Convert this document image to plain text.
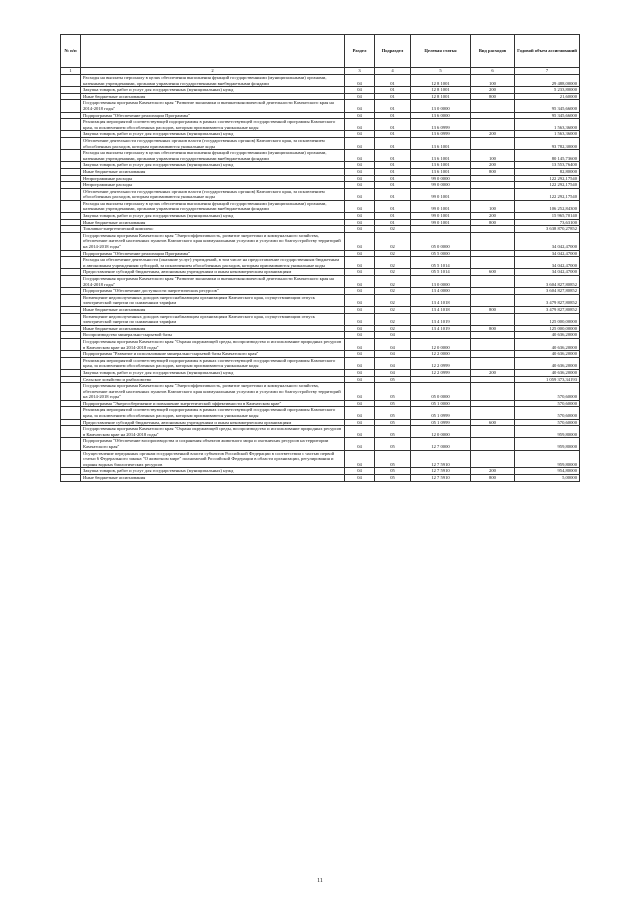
№ п/п		Раздел	Подраздел	Целевая статья	Вид расходов	Годовой объем ассигнований
1	2	3	4	5	6	7
	Расходы на выплаты персоналу в целях обеспечения выполнения функций государственными (муниципальными) органами, казенными учреждениями, органами управления государственными внебюджетными фондами	04	01	12 8 1001	100	29 488,00000
	Закупка товаров, работ и услуг для государственных (муниципальных) нужд	04	01	12 8 1001	200	5 233,80000
	Иные бюджетные ассигнования	04	01	12 8 1001	800	21,60000
	Государственная программа Камчатского края "Развитие экономики и внешнеэкономической деятельности Камчатского края на 2014-2018 годы"	04	01	13 0 0000		95 345,66000
	Подпрограмма "Обеспечение реализации Программы"	04	01	13 6 0000		95 345,66000
	Реализация мероприятий соответствующей подпрограммы в рамках соответствующей государственной программы Камчатского края, за исключением обособленных расходов, которым присваиваются уникальные коды	04	01	13 6 0999		1 563,36000
	Закупка товаров, работ и услуг для государственных (муниципальных) нужд	04	01	13 6 0999	200	1 563,36000
	Обеспечение деятельности государственных органов власти (государственных органов) Камчатского края, за исключением обособленных расходов, которым присваиваются уникальные коды	04	01	13 6 1001		93 782,30000
	Расходы на выплаты персоналу в целях обеспечения выполнения функций государственными (муниципальными) органами, казенными учреждениями, органами управления государственными внебюджетными фондами	04	01	13 6 1001	100	80 145,73600
	Закупка товаров, работ и услуг для государственных (муниципальных) нужд	04	01	13 6 1001	200	13 553,76400
	Иные бюджетные ассигнования	04	01	13 6 1001	800	82,80000
	Непрограммные расходы	04	01	99 0 0000		122 292,17540
	Непрограммные расходы	04	01	99 0 0000		122 292,17540
	Обеспечение деятельности государственных органов власти (государственных органов) Камчатского края, за исключением обособленных расходов, которым присваиваются уникальные коды	04	01	99 0 1001		122 292,17540
	Расходы на выплаты персоналу в целях обеспечения выполнения функций государственными (муниципальными) органами, казенными учреждениями, органами управления государственными внебюджетными фондами	04	01	99 0 1001	100	106 252,84300
	Закупка товаров, работ и услуг для государственных (муниципальных) нужд	04	01	99 0 1001	200	15 965,70140
	Иные бюджетные ассигнования	04	01	99 0 1001	800	73,63100
	Топливно-энергетический комплекс	04	02			3 638 870,27852
	Государственная программа Камчатского края "Энергоэффективность, развитие энергетики и коммунального хозяйства, обеспечение жителей населенных пунктов Камчатского края коммунальными услугами и услугами по благоустройству территорий на 2014-2018 годы"	04	02	05 0 0000		34 042,47000
	Подпрограмма "Обеспечение реализации Программы"	04	02	05 5 0000		34 042,47000
	Расходы на обеспечение деятельности (оказание услуг) учреждений, в том числе на предоставление государственным бюджетным и автономным учреждениям субсидий, за исключением обособленных расходов, которым присваиваются уникальные коды	04	02	05 5 1014		34 042,47000
	Предоставление субсидий бюджетным, автономным учреждениям и иным некоммерческим организациям	04	02	05 5 1014	600	34 042,47000
	Государственная программа Камчатского края "Развитие экономики и внешнеэкономической деятельности Камчатского края на 2014-2018 годы"	04	02	13 0 0000		3 604 827,80852
	Подпрограмма "Обеспечение доступности энергетических ресурсов"	04	02	13 4 0000		3 604 827,80852
	Возмещение недополученных доходов энергоснабжающим организациям Камчатского края, осуществляющим отпуск электрической энергии по сниженным тарифам	04	02	13 4 1018		3 479 827,80852
	Иные бюджетные ассигнования	04	02	13 4 1018	800	3 479 827,80852
	Возмещение недополученных доходов энергоснабжающим организациям Камчатского края, осуществляющим отпуск электрической энергии по сниженным тарифам	04	02	13 4 1019		125 000,00000
	Иные бюджетные ассигнования	04	02	13 4 1019	800	125 000,00000
	Воспроизводство минерально-сырьевой базы	04	04			40 636,20000
	Государственная программа Камчатского края "Охрана окружающей среды, воспроизводство и использование природных ресурсов в Камчатском крае на 2014-2018 годы"	04	04	12 0 0000		40 636,20000
	Подпрограмма "Развитие и использование минерально-сырьевой базы Камчатского края"	04	04	12 2 0000		40 636,20000
	Реализация мероприятий соответствующей подпрограммы в рамках соответствующей государственной программы Камчатского края, за исключением обособленных расходов, которым присваиваются уникальные коды	04	04	12 2 0999		40 636,20000
	Закупка товаров, работ и услуг для государственных (муниципальных) нужд	04	04	12 2 0999	200	40 636,20000
	Сельское хозяйство и рыболовство	04	05			1 059 373,34193
	Государственная программа Камчатского края "Энергоэффективность, развитие энергетики и коммунального хозяйства, обеспечение жителей населенных пунктов Камчатского края коммунальными услугами и услугами по благоустройству территорий на 2014-2018 годы"	04	05	05 0 0000		570,60000
	Подпрограмма "Энергосбережение и повышение энергетической эффективности в Камчатском крае"	04	05	05 1 0000		570,60000
	Реализация мероприятий соответствующей подпрограммы в рамках соответствующей государственной программы Камчатского края, за исключением обособленных расходов, которым присваиваются уникальные коды	04	05	05 1 0999		570,60000
	Предоставление субсидий бюджетным, автономным учреждениям и иным некоммерческим организациям	04	05	05 1 0999	600	570,60000
	Государственная программа Камчатского края "Охрана окружающей среды, воспроизводство и использование природных ресурсов в Камчатском крае на 2014-2018 годы"	04	05	12 0 0000		959,80000
	Подпрограмма "Обеспечение воспроизводства и сохранения объектов животного мира и охотничьих ресурсов на территории Камчатского края"	04	05	12 7 0000		959,80000
	Осуществление переданных органам государственной власти субъектов Российской Федерации в соответствии с частью первой статьи 6 Федерального закона "О животном мире" полномочий Российской Федерации в области организации, регулирования и охраны водных биологических ресурсов	04	05	12 7 5910		959,80000
	Закупка товаров, работ и услуг для государственных (муниципальных) нужд	04	05	12 7 5910	200	954,80000
	Иные бюджетные ассигнования	04	05	12 7 5910	800	5,00000
11
